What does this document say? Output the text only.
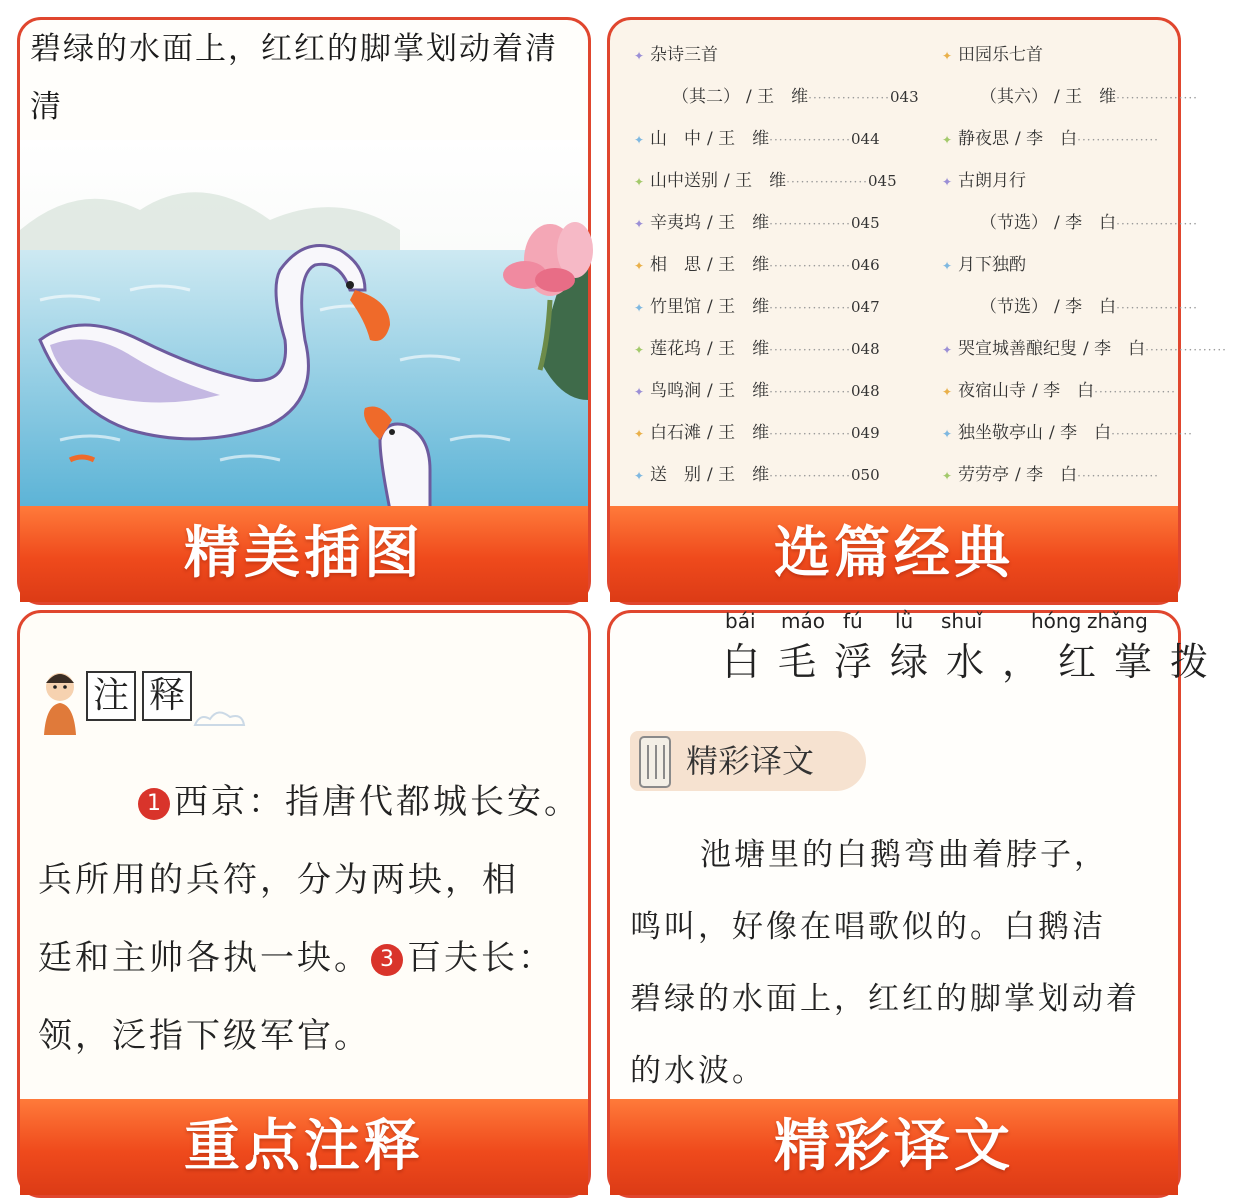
碧绿的水面上，红红的脚掌划动着清清
精美插图
✦ 杂诗三首
（其二） / 王　维·················043
✦ 山　中 / 王　维·················044
✦ 山中送别 / 王　维·················045
✦ 辛夷坞 / 王　维·················045
✦ 相　思 / 王　维·················046
✦ 竹里馆 / 王　维·················047
✦ 莲花坞 / 王　维·················048
✦ 鸟鸣涧 / 王　维·················048
✦ 白石滩 / 王　维·················049
✦ 送　别 / 王　维·················050
✦ 田园乐七首
（其六） / 王　维·················
✦ 静夜思 / 李　白·················
✦ 古朗月行
（节选） / 李　白·················
✦ 月下独酌
（节选） / 李　白·················
✦ 哭宣城善酿纪叟 / 李　白·················
✦ 夜宿山寺 / 李　白·················
✦ 独坐敬亭山 / 李　白·················
✦ 劳劳亭 / 李　白·················
选篇经典
注 释
1 西京：指唐代都城长安。
兵所用的兵符，分为两块，相
廷和主帅各执一块。 3 百夫长：
领，泛指下级军官。
重点注释
bái máo fú lǜ shuǐ hóng zhǎng
白毛浮绿水，红掌拨
精彩译文
池塘里的白鹅弯曲着脖子，
鸣叫，好像在唱歌似的。白鹅洁
碧绿的水面上，红红的脚掌划动着
的水波。
精彩译文
